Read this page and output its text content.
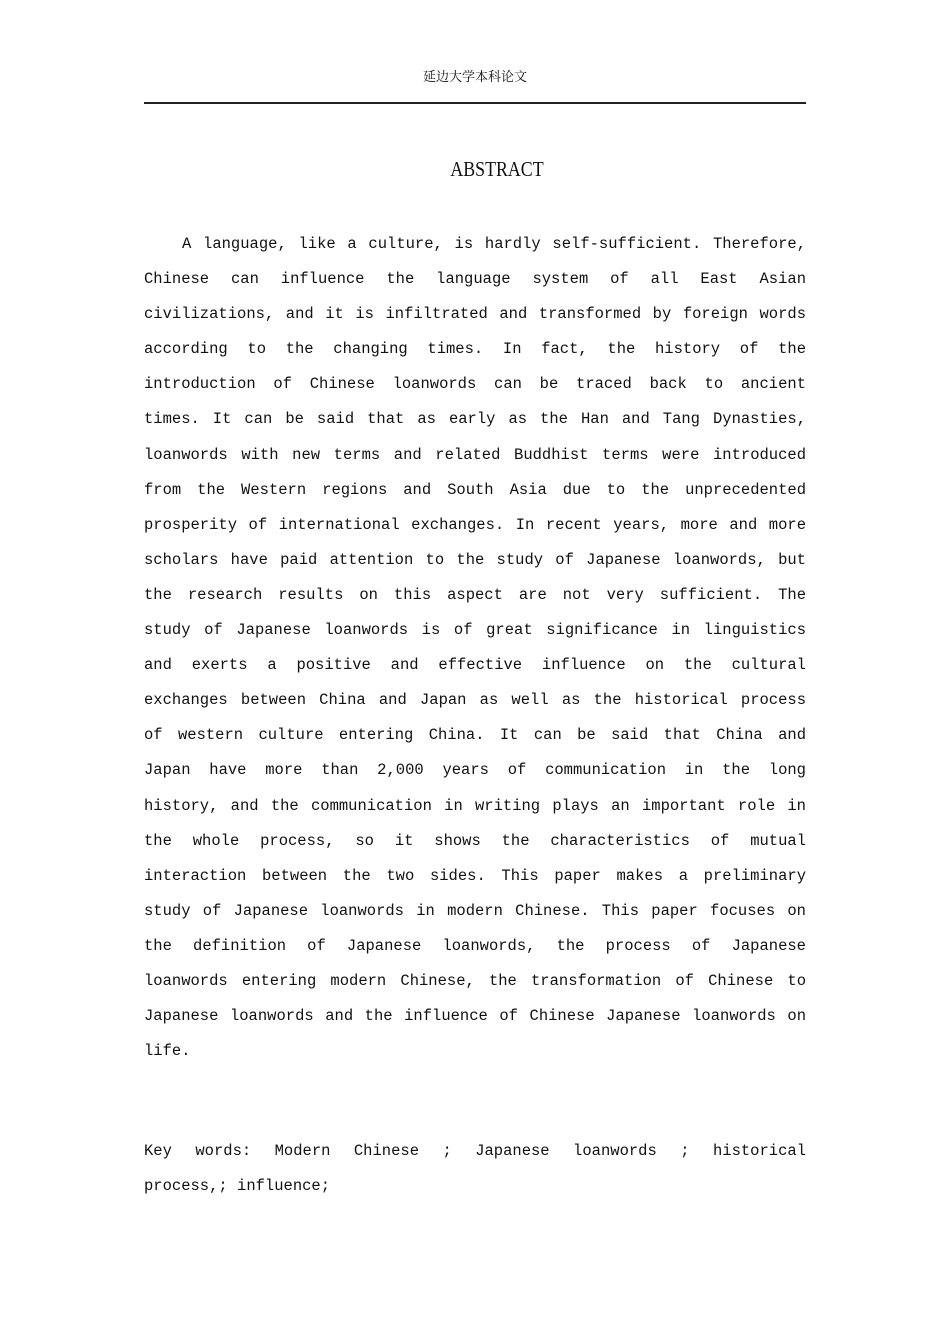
延边大学本科论文
ABSTRACT
A language, like a culture, is hardly self-sufficient. Therefore,
Chinese can influence the language system of all East Asian
civilizations, and it is infiltrated and transformed by foreign words
according to the changing times. In fact, the history of the
introduction of Chinese loanwords can be traced back to ancient
times. It can be said that as early as the Han and Tang Dynasties,
loanwords with new terms and related Buddhist terms were introduced
from the Western regions and South Asia due to the unprecedented
prosperity of international exchanges. In recent years, more and more
scholars have paid attention to the study of Japanese loanwords, but
the research results on this aspect are not very sufficient. The
study of Japanese loanwords is of great significance in linguistics
and exerts a positive and effective influence on the cultural
exchanges between China and Japan as well as the historical process
of western culture entering China. It can be said that China and
Japan have more than 2,000 years of communication in the long
history, and the communication in writing plays an important role in
the whole process, so it shows the characteristics of mutual
interaction between the two sides. This paper makes a preliminary
study of Japanese loanwords in modern Chinese. This paper focuses on
the definition of Japanese loanwords, the process of Japanese
loanwords entering modern Chinese, the transformation of Chinese to
Japanese loanwords and the influence of Chinese Japanese loanwords on
life.
Key words: Modern Chinese ; Japanese loanwords ; historical
process,; influence;
